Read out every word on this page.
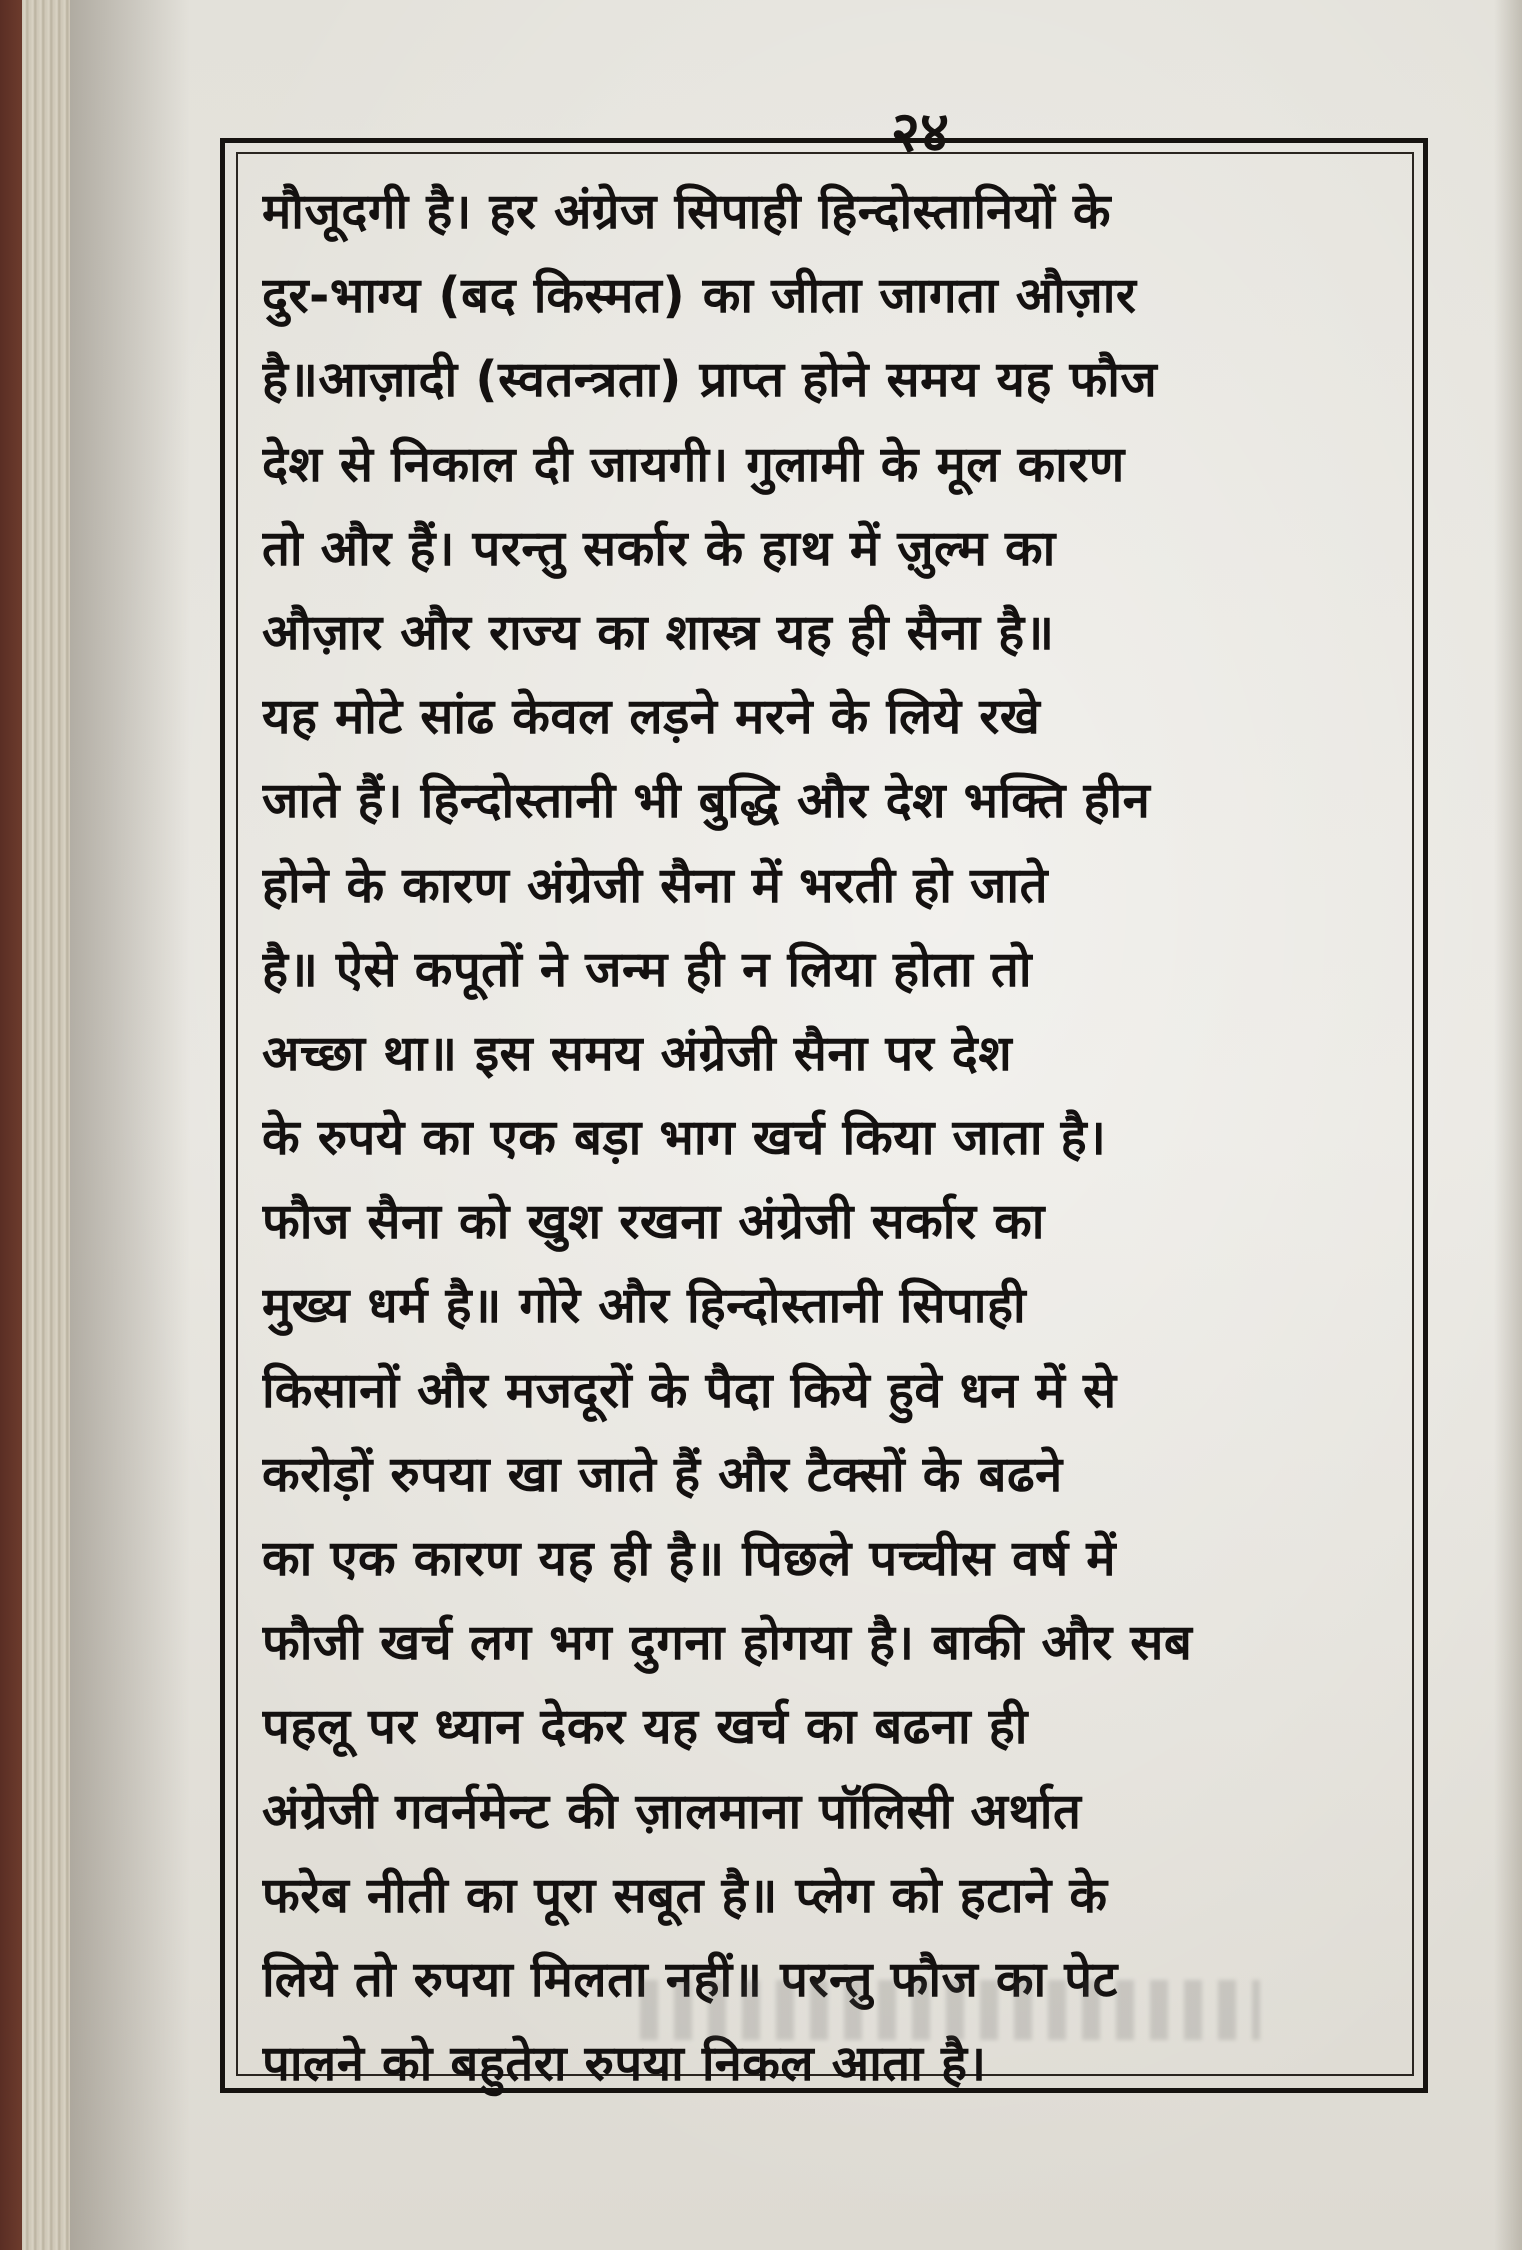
२४

मौजूदगी है। हर अंग्रेज सिपाही हिन्दोस्तानियों के
दुर-भाग्य (बद किस्मत) का जीता जागता औज़ार
है॥आज़ादी (स्वतन्त्रता) प्राप्त होने समय यह फौज
देश से निकाल दी जायगी। गुलामी के मूल कारण
तो और हैं। परन्तु सर्कार के हाथ में ज़ुल्म का
औज़ार और राज्य का शास्त्र यह ही सैना है॥
यह मोटे सांढ केवल लड़ने मरने के लिये रखे
जाते हैं। हिन्दोस्तानी भी बुद्धि और देश भक्ति हीन
होने के कारण अंग्रेजी सैना में भरती हो जाते
है॥ ऐसे कपूतों ने जन्म ही न लिया होता तो
अच्छा था॥ इस समय अंग्रेजी सैना पर देश
के रुपये का एक बड़ा भाग खर्च किया जाता है।
फौज सैना को खुश रखना अंग्रेजी सर्कार का
मुख्य धर्म है॥ गोरे और हिन्दोस्तानी सिपाही
किसानों और मजदूरों के पैदा किये हुवे धन में से
करोड़ों रुपया खा जाते हैं और टैक्सों के बढने
का एक कारण यह ही है॥ पिछले पच्चीस वर्ष में
फौजी खर्च लग भग दुगना होगया है। बाकी और सब
पहलू पर ध्यान देकर यह खर्च का बढना ही
अंग्रेजी गवर्नमेन्ट की ज़ालमाना पॉलिसी अर्थात
फरेब नीती का पूरा सबूत है॥ प्लेग को हटाने के
लिये तो रुपया मिलता नहीं॥ परन्तु फौज का पेट
पालने को बहुतेरा रुपया निकल आता है।
